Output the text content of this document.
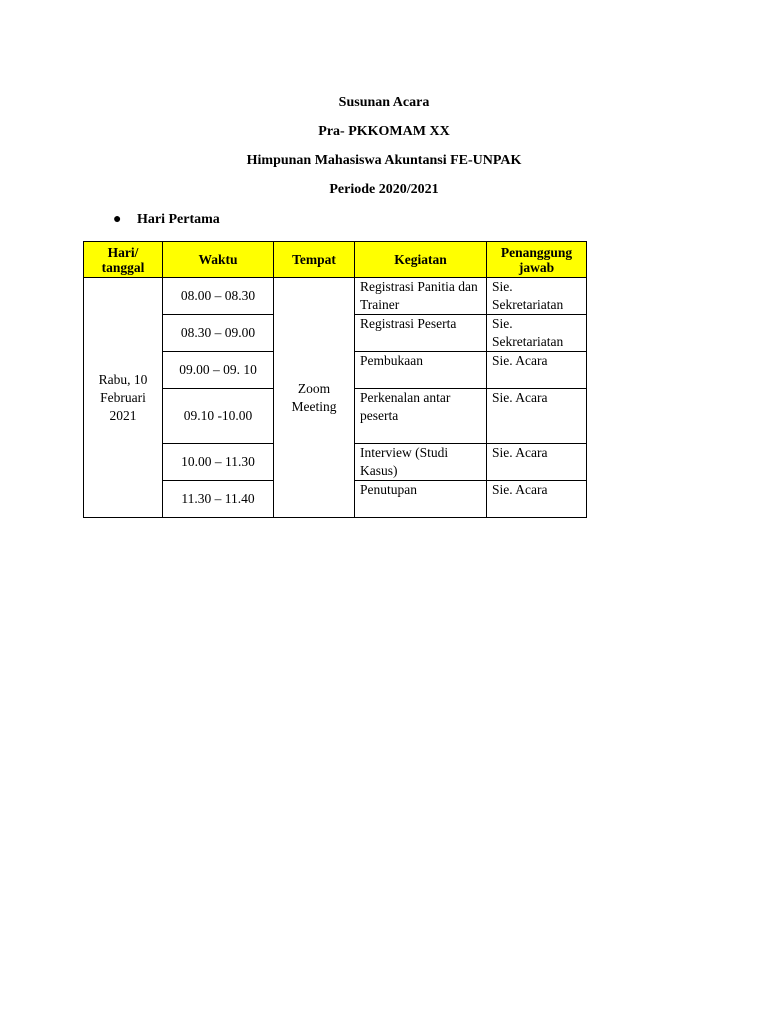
Susunan Acara
Pra- PKKOMAM XX
Himpunan Mahasiswa Akuntansi FE-UNPAK
Periode 2020/2021
● Hari Pertama
Hari/ tanggal	Waktu	Tempat	Kegiatan	Penanggung jawab
Rabu, 10 Februari 2021	08.00 – 08.30	Zoom Meeting	Registrasi Panitia dan Trainer	Sie. Sekretariatan
	08.30 – 09.00		Registrasi Peserta	Sie. Sekretariatan
	09.00 – 09. 10		Pembukaan	Sie. Acara
	09.10 -10.00		Perkenalan antar peserta	Sie. Acara
	10.00 – 11.30		Interview (Studi Kasus)	Sie. Acara
	11.30 – 11.40		Penutupan	Sie. Acara
